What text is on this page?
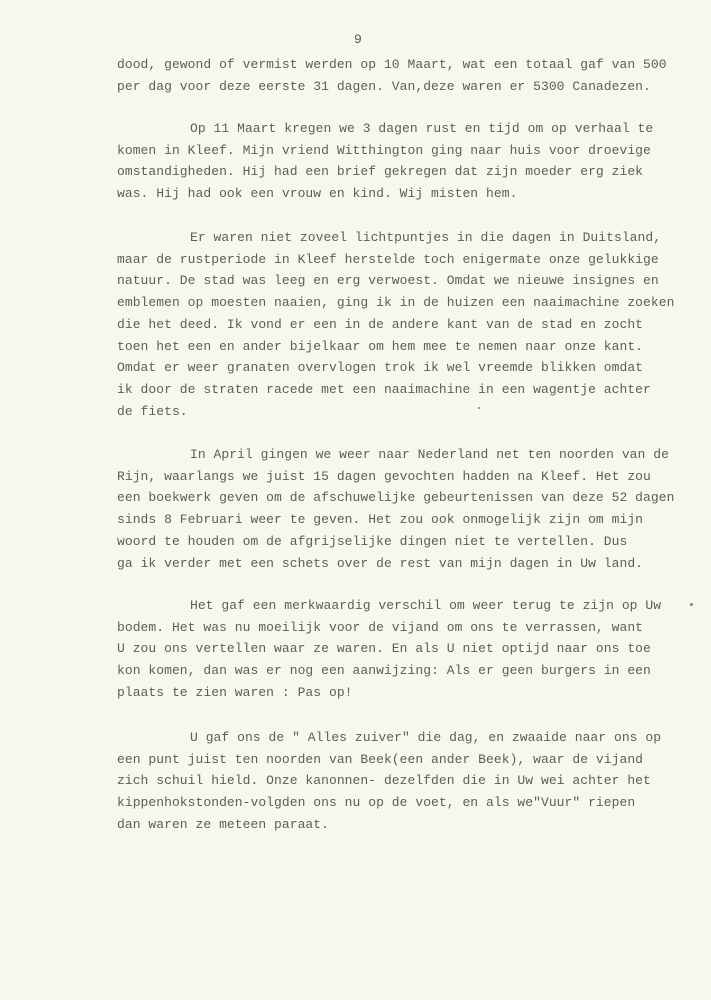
9
dood, gewond of vermist werden op 10 Maart, wat een totaal gaf van 500
per dag voor deze eerste 31 dagen. Van,deze waren er 5300 Canadezen.
Op 11 Maart kregen we 3 dagen rust en tijd om op verhaal te
komen in Kleef. Mijn vriend Witthington ging naar huis voor droevige
omstandigheden. Hij had een brief gekregen dat zijn moeder erg ziek
was. Hij had ook een vrouw en kind. Wij misten hem.
Er waren niet zoveel lichtpuntjes in die dagen in Duitsland,
maar de rustperiode in Kleef herstelde toch enigermate onze gelukkige
natuur. De stad was leeg en erg verwoest. Omdat we nieuwe insignes en
emblemen op moesten naaien, ging ik in de huizen een naaimachine zoeken
die het deed. Ik vond er een in de andere kant van de stad en zocht
toen het een en ander bijelkaar om hem mee te nemen naar onze kant.
Omdat er weer granaten overvlogen trok ik wel vreemde blikken omdat
ik door de straten racede met een naaimachine in een wagentje achter
de fiets.
In April gingen we weer naar Nederland net ten noorden van de
Rijn, waarlangs we juist 15 dagen gevochten hadden na Kleef. Het zou
een boekwerk geven om de afschuwelijke gebeurtenissen van deze 52 dagen
sinds 8 Februari weer te geven. Het zou ook onmogelijk zijn om mijn
woord te houden om de afgrijselijke dingen niet te vertellen. Dus
ga ik verder met een schets over de rest van mijn dagen in Uw land.
Het gaf een merkwaardig verschil om weer terug te zijn op Uw
bodem. Het was nu moeilijk voor de vijand om ons te verrassen, want
U zou ons vertellen waar ze waren. En als U niet optijd naar ons toe
kon komen, dan was er nog een aanwijzing: Als er geen burgers in een
plaats te zien waren : Pas op!
U gaf ons de " Alles zuiver" die dag, en zwaaide naar ons op
een punt juist ten noorden van Beek(een ander Beek), waar de vijand
zich schuil hield. Onze kanonnen- dezelfden die in Uw wei achter het
kippenhokstonden-volgden ons nu op de voet, en als we"Vuur" riepen
dan waren ze meteen paraat.
